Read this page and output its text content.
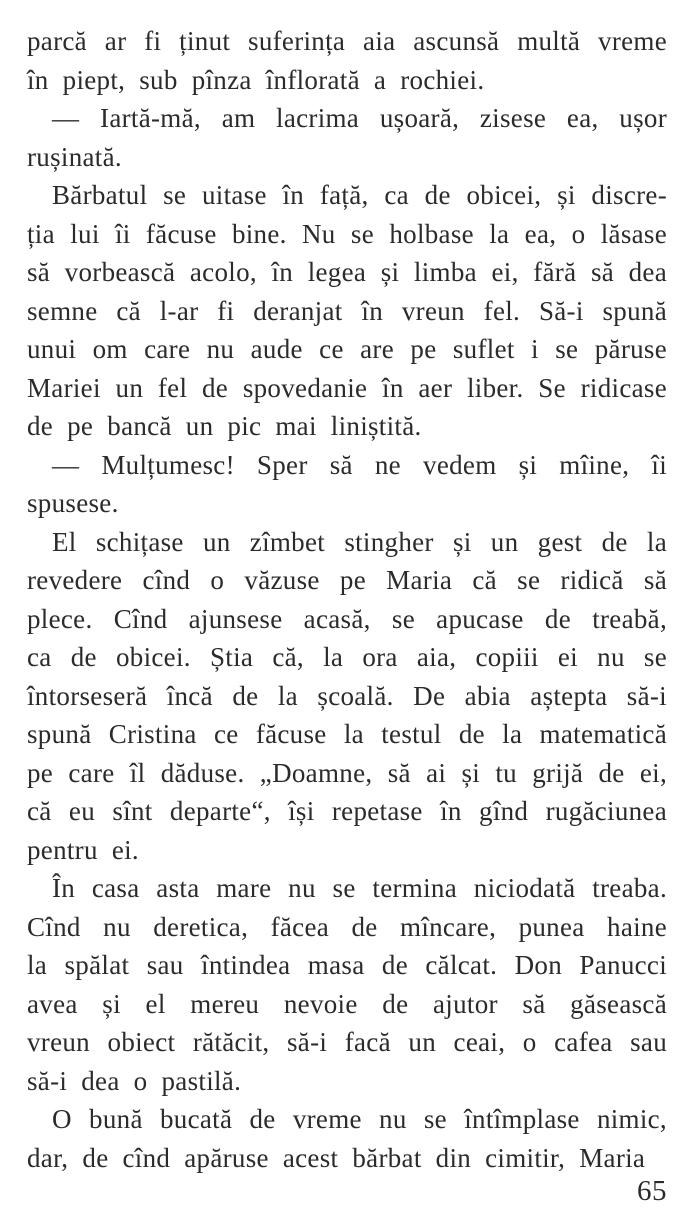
parcă ar fi ținut suferința aia ascunsă multă vreme
în piept, sub pînza înflorată a rochiei.
— Iartă-mă, am lacrima ușoară, zisese ea, ușor
rușinată.
Bărbatul se uitase în față, ca de obicei, și discre-
ția lui îi făcuse bine. Nu se holbase la ea, o lăsase
să vorbească acolo, în legea și limba ei, fără să dea
semne că l-ar fi deranjat în vreun fel. Să-i spună
unui om care nu aude ce are pe suflet i se păruse
Mariei un fel de spovedanie în aer liber. Se ridicase
de pe bancă un pic mai liniștită.
— Mulțumesc! Sper să ne vedem și mîine, îi
spusese.
El schițase un zîmbet stingher și un gest de la
revedere cînd o văzuse pe Maria că se ridică să
plece. Cînd ajunsese acasă, se apucase de treabă,
ca de obicei. Știa că, la ora aia, copiii ei nu se
întorseseră încă de la școală. De abia aștepta să-i
spună Cristina ce făcuse la testul de la matematică
pe care îl dăduse. „Doamne, să ai și tu grijă de ei,
că eu sînt departe“, își repetase în gînd rugăciunea
pentru ei.
În casa asta mare nu se termina niciodată treaba.
Cînd nu deretica, făcea de mîncare, punea haine
la spălat sau întindea masa de călcat. Don Panucci
avea și el mereu nevoie de ajutor să găsească
vreun obiect rătăcit, să-i facă un ceai, o cafea sau
să-i dea o pastilă.
O bună bucată de vreme nu se întîmplase nimic,
dar, de cînd apăruse acest bărbat din cimitir, Maria
65
